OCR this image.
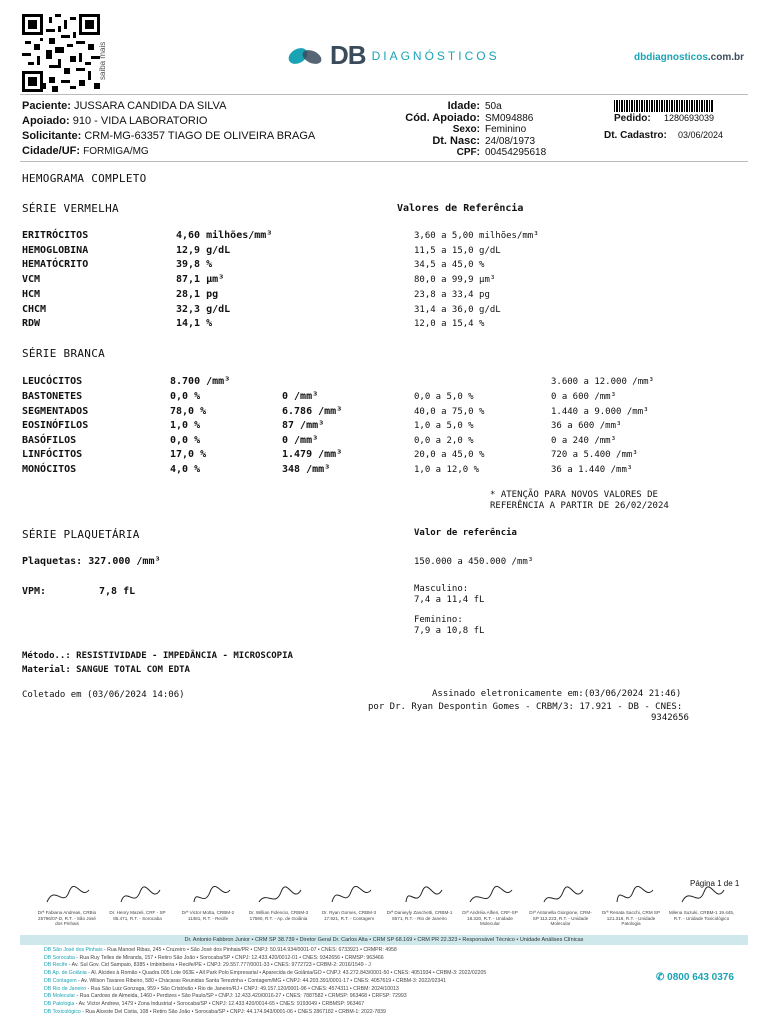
saiba mais	DB DIAGNÓSTICOS	dbdiagnosticos.com.br
Paciente: JUSSARA CANDIDA DA SILVA
Apoiado: 910 - VIDA LABORATORIO
Solicitante: CRM-MG-63357 TIAGO DE OLIVEIRA BRAGA
Cidade/UF: FORMIGA/MG
Idade: 50a
Cód. Apoiado: SM094886
Sexo: Feminino
Dt. Nasc: 24/08/1973
CPF: 00454295618
Pedido: 1280693039
Dt. Cadastro: 03/06/2024
HEMOGRAMA COMPLETO
SÉRIE VERMELHA	Valores de Referência
ERITRÓCITOS	4,60 milhões/mm³	3,60 a 5,00 milhões/mm³
HEMOGLOBINA	12,9 g/dL	11,5 a 15,0 g/dL
HEMATÓCRITO	39,8 %	34,5 a 45,0 %
VCM	87,1 µm³	80,0 a 99,9 µm³
HCM	28,1 pg	23,8 a 33,4 pg
CHCM	32,3 g/dL	31,4 a 36,0 g/dL
RDW	14,1 %	12,0 a 15,4 %
SÉRIE BRANCA
LEUCÓCITOS	8.700 /mm³	3.600 a 12.000 /mm³
BASTONETES	0,0 %	0 /mm³	0,0 a 5,0 %	0 a 600 /mm³
SEGMENTADOS	78,0 %	6.786 /mm³	40,0 a 75,0 %	1.440 a 9.000 /mm³
EOSINÓFILOS	1,0 %	87 /mm³	1,0 a 5,0 %	36 a 600 /mm³
BASÓFILOS	0,0 %	0 /mm³	0,0 a 2,0 %	0 a 240 /mm³
LINFÓCITOS	17,0 %	1.479 /mm³	20,0 a 45,0 %	720 a 5.400 /mm³
MONÓCITOS	4,0 %	348 /mm³	1,0 a 12,0 %	36 a 1.440 /mm³
* ATENÇÃO PARA NOVOS VALORES DE
REFERÊNCIA A PARTIR DE 26/02/2024
SÉRIE PLAQUETÁRIA	Valor de referência
Plaquetas: 327.000 /mm³	150.000 a 450.000 /mm³
VPM:	7,8 fL	Masculino:
7,4 a 11,4 fL
Feminino:
7,9 a 10,8 fL
Método..: RESISTIVIDADE - IMPEDÂNCIA - MICROSCOPIA
Material: SANGUE TOTAL COM EDTA
Coletado em (03/06/2024 14:06)	Assinado eletronicamente em:(03/06/2024 21:46)
por Dr. Ryan Despontin Gomes - CRBM/3: 17.921 - DB - CNES:
9342656
Página 1 de 1
Drª Fabiana Andreas, CRBio 25796/07-D, R.T. - São José dos Pinhais
Dr. Henry Mazeli, CRF - SP 85.471, R.T. - Sorocaba
Drª Victor Motta, CRBM-2 11481, R.T. - Recife
Dr. Willian Fidencio, CRBM-3 17590, R.T. - Ap. de Goiânia
Dr. Ryan Gomes, CRBM-3 17.921, R.T. - Contagem
Drª Danieyly Zanchetti, CRBM-1 8571, R.T. - Rio de Janeiro
Drª Andréia Alfieri, CRF-SP 18.320, R.T. - Unidade Molecular
Drª Antonella Giorgione, CRM-SP 112.223, R.T. - Unidade Molecular
Drª Renata Sacchi, CRM SP 121.316, R.T. - Unidade Patologia
Milena Suzuki, CRBM-1 19.445, R.T. - Unidade Toxicológico
Dr. Antonio Fabbron Junior • CRM SP 38.739 • Diretor Geral Dr. Carlos Alta • CRM SP 68.169 • CRM PR 22.323 • Responsável Técnico • Unidade Análises Clínicas
DB São José dos Pinhais - Rua Manoel Ribas, 245 • Cruzeiro • São José dos Pinhais/PR • CNPJ: 50.914.934/0001-07 • CNES: 6733921 • CRMPR: 4958
DB Sorocaba - Rua Ruy Telles de Miranda, 157 • Retiro São João • Sorocaba/SP • CNPJ: 12.433.420/0012-01 • CNES: 9342656 • CRMSP: 963466
DB Recife - Av. Sul Gov. Cid Sampaio, 8385 • Imbiribeira • Recife/PE • CNPJ: 29.557.777/0001-33 • CNES: 9772723 • CRBM-2: 2016/1549 - J
DB Ap. de Goiânia - Al. Alcides à Romão • Quadra 005 Lote 063E • All Park Polo Empresarial • Aparecida de Goiânia/GO • CNPJ: 43.272.843/0001-50 • CNES: 4051934 • CRBM-3: 2022/02205
DB Contagem - Av. Wilson Tavares Ribeiro, 580 • Chácaras Reunidas Santa Terezinha • Contagem/MG • CNPJ: 44.203.391/0001-17 • CNES: 4057619 • CRBM-3: 2022/02341
DB Rio de Janeiro - Rua São Luiz Gonzaga, 959 • São Cristóvão • Rio de Janeiro/RJ • CNPJ: 49.157.120/0001-96 • CNES: 4574311 • CRBM: 2024/10013
DB Molecular - Rua Cardoso de Almeida, 1460 • Perdizes • São Paulo/SP • CNPJ: 12.433.420/0016-27 • CNES: 7887582 • CRMSP: 963468 • CRFSP: 72993
DB Patologia - Av. Victor Andrew, 1479 • Zona Industrial • Sorocaba/SP • CNPJ: 12.433.420/0014-65 • CNES: 9193049 • CRBMSP: 963467
DB Toxicológico - Rua Alceste Del Cistia, 108 • Retiro São João • Sorocaba/SP • CNPJ: 44.174.943/0001-06 • CNES 2867182 • CRBM-1: 2022-7839
✆ 0800 643 0376
